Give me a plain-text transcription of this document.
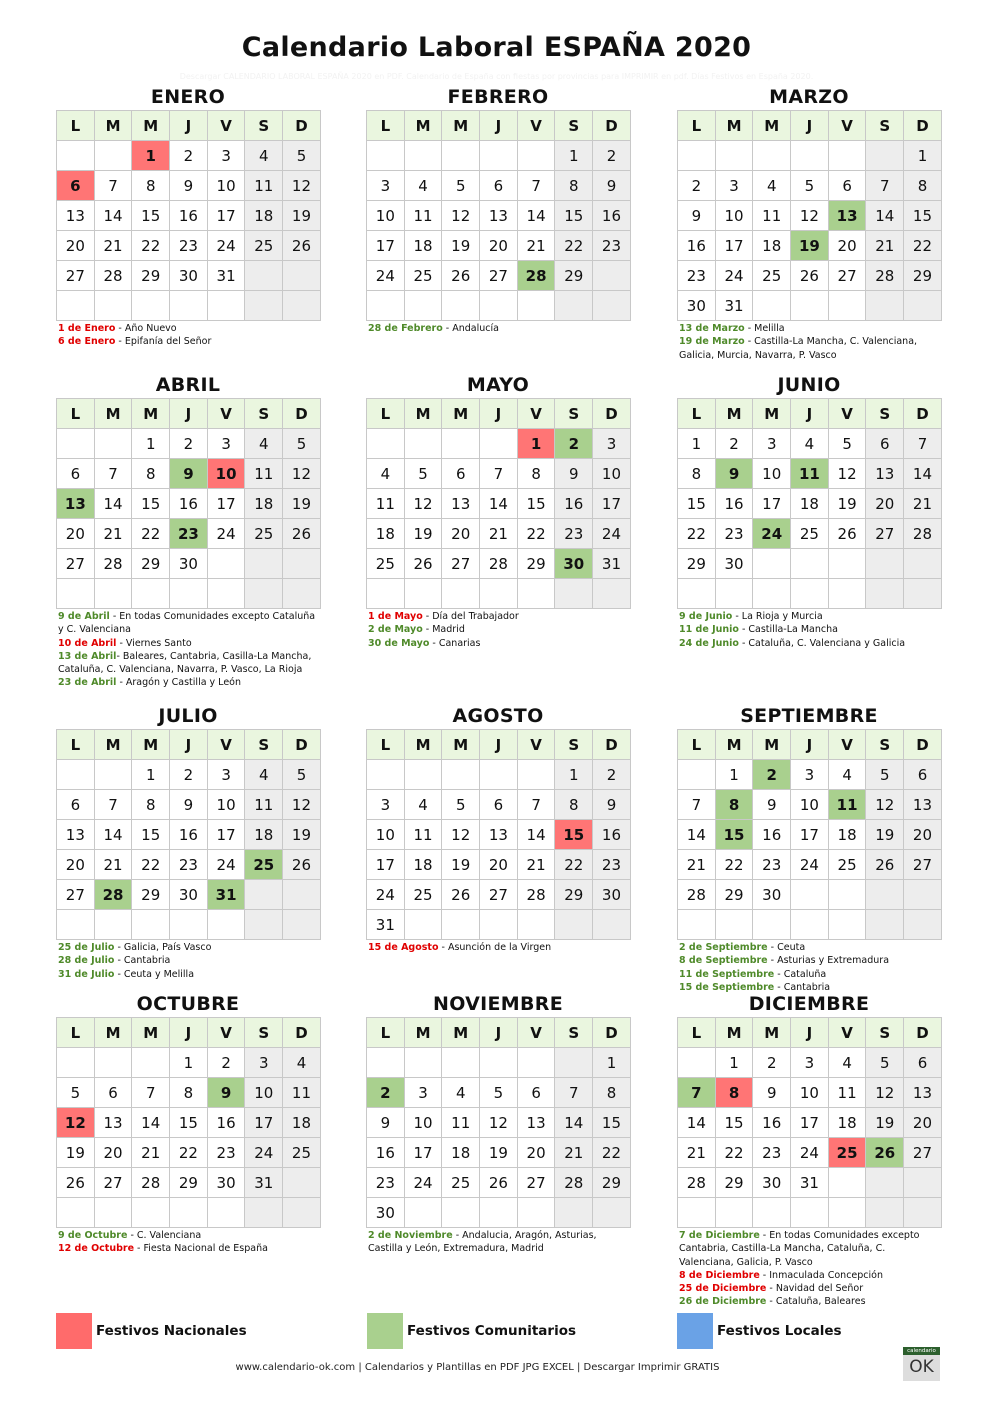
Calendario Laboral ESPAÑA 2020
Descargar CALENDARIO LABORAL ESPAÑA 2020 en PDF. Calendario de España con fiestas por provincias para IMPRIMIR en pdf. Días Festivos en España 2020.
ENERO
L	M	M	J	V	S	D
		1	2	3	4	5
6	7	8	9	10	11	12
13	14	15	16	17	18	19
20	21	22	23	24	25	26
27	28	29	30	31		

1 de Enero - Año Nuevo
6 de Enero - Epifanía del Señor
FEBRERO
L	M	M	J	V	S	D
					1	2
3	4	5	6	7	8	9
10	11	12	13	14	15	16
17	18	19	20	21	22	23
24	25	26	27	28	29	

28 de Febrero - Andalucía
MARZO
L	M	M	J	V	S	D
						1
2	3	4	5	6	7	8
9	10	11	12	13	14	15
16	17	18	19	20	21	22
23	24	25	26	27	28	29
30	31					
13 de Marzo - Melilla
19 de Marzo - Castilla-La Mancha, C. Valenciana, Galicia, Murcia, Navarra, P. Vasco
ABRIL
L	M	M	J	V	S	D
		1	2	3	4	5
6	7	8	9	10	11	12
13	14	15	16	17	18	19
20	21	22	23	24	25	26
27	28	29	30			

9 de Abril - En todas Comunidades excepto Cataluña y C. Valenciana
10 de Abril - Viernes Santo
13 de Abril- Baleares, Cantabria, Casilla-La Mancha, Cataluña, C. Valenciana, Navarra, P. Vasco, La Rioja
23 de Abril - Aragón y Castilla y León
MAYO
L	M	M	J	V	S	D
				1	2	3
4	5	6	7	8	9	10
11	12	13	14	15	16	17
18	19	20	21	22	23	24
25	26	27	28	29	30	31

1 de Mayo - Día del Trabajador
2 de Mayo - Madrid
30 de Mayo - Canarias
JUNIO
L	M	M	J	V	S	D
1	2	3	4	5	6	7
8	9	10	11	12	13	14
15	16	17	18	19	20	21
22	23	24	25	26	27	28
29	30					

9 de Junio - La Rioja y Murcia
11 de Junio - Castilla-La Mancha
24 de Junio - Cataluña, C. Valenciana y Galicia
JULIO
L	M	M	J	V	S	D
		1	2	3	4	5
6	7	8	9	10	11	12
13	14	15	16	17	18	19
20	21	22	23	24	25	26
27	28	29	30	31		

25 de Julio - Galicia, País Vasco
28 de Julio - Cantabria
31 de Julio - Ceuta y Melilla
AGOSTO
L	M	M	J	V	S	D
					1	2
3	4	5	6	7	8	9
10	11	12	13	14	15	16
17	18	19	20	21	22	23
24	25	26	27	28	29	30
31						
15 de Agosto - Asunción de la Virgen
SEPTIEMBRE
L	M	M	J	V	S	D
	1	2	3	4	5	6
7	8	9	10	11	12	13
14	15	16	17	18	19	20
21	22	23	24	25	26	27
28	29	30				

2 de Septiembre - Ceuta
8 de Septiembre - Asturias y Extremadura
11 de Septiembre - Cataluña
15 de Septiembre - Cantabria
OCTUBRE
L	M	M	J	V	S	D
			1	2	3	4
5	6	7	8	9	10	11
12	13	14	15	16	17	18
19	20	21	22	23	24	25
26	27	28	29	30	31	

9 de Octubre - C. Valenciana
12 de Octubre - Fiesta Nacional de España
NOVIEMBRE
L	M	M	J	V	S	D
						1
2	3	4	5	6	7	8
9	10	11	12	13	14	15
16	17	18	19	20	21	22
23	24	25	26	27	28	29
30						
2 de Noviembre - Andalucia, Aragón, Asturias, Castilla y León, Extremadura, Madrid
DICIEMBRE
L	M	M	J	V	S	D
	1	2	3	4	5	6
7	8	9	10	11	12	13
14	15	16	17	18	19	20
21	22	23	24	25	26	27
28	29	30	31			

7 de Diciembre - En todas Comunidades excepto Cantabria, Castilla-La Mancha, Cataluña, C. Valenciana, Galicia, P. Vasco
8 de Diciembre - Inmaculada Concepción
25 de Diciembre - Navidad del Señor
26 de Diciembre - Cataluña, Baleares
Festivos Nacionales	Festivos Comunitarios	Festivos Locales
www.calendario-ok.com | Calendarios y Plantillas en PDF JPG EXCEL | Descargar Imprimir GRATIS
calendario
OK
